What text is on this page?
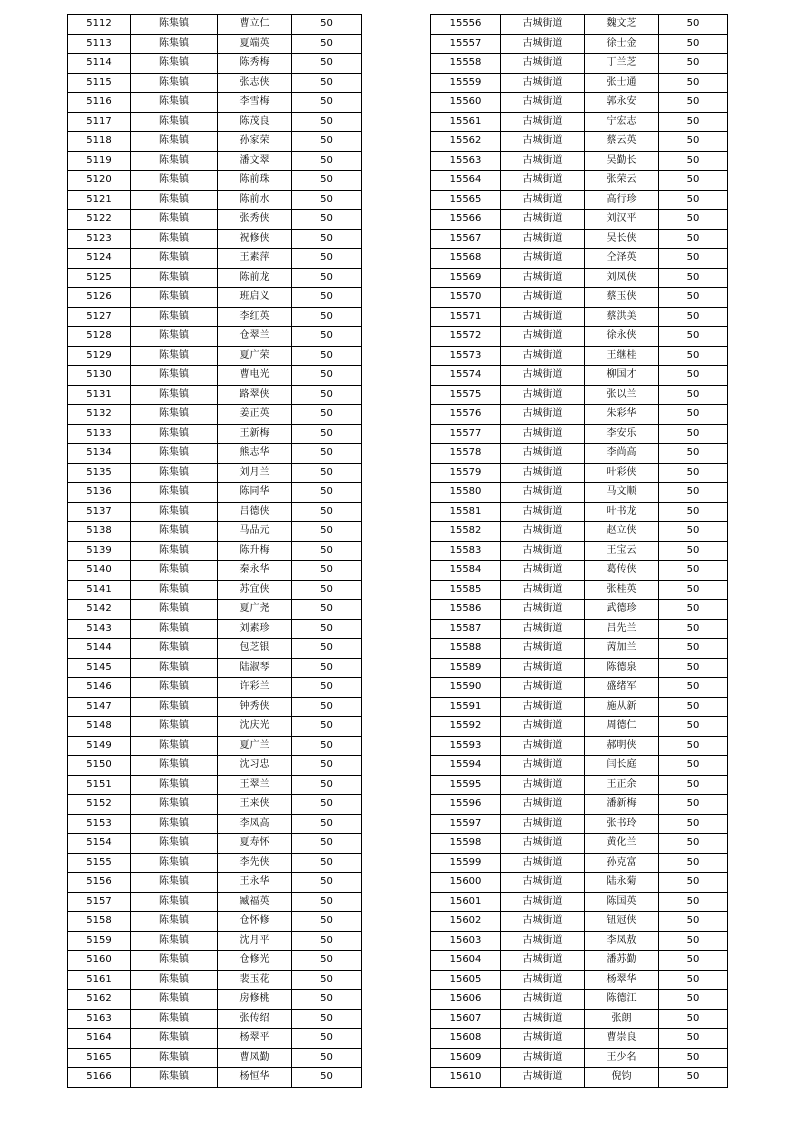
5112	陈集镇	曹立仁	50
5113	陈集镇	夏端英	50
5114	陈集镇	陈秀梅	50
5115	陈集镇	张志侠	50
5116	陈集镇	李雪梅	50
5117	陈集镇	陈茂良	50
5118	陈集镇	孙家荣	50
5119	陈集镇	潘文翠	50
5120	陈集镇	陈前珠	50
5121	陈集镇	陈前水	50
5122	陈集镇	张秀侠	50
5123	陈集镇	祝修侠	50
5124	陈集镇	王素萍	50
5125	陈集镇	陈前龙	50
5126	陈集镇	班启义	50
5127	陈集镇	李红英	50
5128	陈集镇	仓翠兰	50
5129	陈集镇	夏广荣	50
5130	陈集镇	曹电光	50
5131	陈集镇	路翠侠	50
5132	陈集镇	姜正英	50
5133	陈集镇	王新梅	50
5134	陈集镇	熊志华	50
5135	陈集镇	刘月兰	50
5136	陈集镇	陈同华	50
5137	陈集镇	吕德侠	50
5138	陈集镇	马品元	50
5139	陈集镇	陈升梅	50
5140	陈集镇	秦永华	50
5141	陈集镇	苏宜侠	50
5142	陈集镇	夏广尧	50
5143	陈集镇	刘素珍	50
5144	陈集镇	包芝银	50
5145	陈集镇	陆淑琴	50
5146	陈集镇	许彩兰	50
5147	陈集镇	钟秀侠	50
5148	陈集镇	沈庆光	50
5149	陈集镇	夏广兰	50
5150	陈集镇	沈习忠	50
5151	陈集镇	王翠兰	50
5152	陈集镇	王来侠	50
5153	陈集镇	李凤高	50
5154	陈集镇	夏寿怀	50
5155	陈集镇	李先侠	50
5156	陈集镇	王永华	50
5157	陈集镇	臧福英	50
5158	陈集镇	仓怀修	50
5159	陈集镇	沈月平	50
5160	陈集镇	仓修光	50
5161	陈集镇	裴玉花	50
5162	陈集镇	房修桃	50
5163	陈集镇	张传绍	50
5164	陈集镇	杨翠平	50
5165	陈集镇	曹凤勤	50
5166	陈集镇	杨恒华	50
15556	古城街道	魏文芝	50
15557	古城街道	徐士金	50
15558	古城街道	丁兰芝	50
15559	古城街道	张士通	50
15560	古城街道	郭永安	50
15561	古城街道	宁宏志	50
15562	古城街道	蔡云英	50
15563	古城街道	吴勤长	50
15564	古城街道	张荣云	50
15565	古城街道	高行珍	50
15566	古城街道	刘汉平	50
15567	古城街道	吴长侠	50
15568	古城街道	仝泽英	50
15569	古城街道	刘凤侠	50
15570	古城街道	蔡玉侠	50
15571	古城街道	蔡洪美	50
15572	古城街道	徐永侠	50
15573	古城街道	王继桂	50
15574	古城街道	柳国才	50
15575	古城街道	张以兰	50
15576	古城街道	朱彩华	50
15577	古城街道	李安乐	50
15578	古城街道	李尚高	50
15579	古城街道	叶彩侠	50
15580	古城街道	马文顺	50
15581	古城街道	叶书龙	50
15582	古城街道	赵立侠	50
15583	古城街道	王宝云	50
15584	古城街道	葛传侠	50
15585	古城街道	张桂英	50
15586	古城街道	武德珍	50
15587	古城街道	吕先兰	50
15588	古城街道	苪加兰	50
15589	古城街道	陈德泉	50
15590	古城街道	盛绪军	50
15591	古城街道	施从新	50
15592	古城街道	周德仁	50
15593	古城街道	郝明侠	50
15594	古城街道	闫长庭	50
15595	古城街道	王正余	50
15596	古城街道	潘新梅	50
15597	古城街道	张书玲	50
15598	古城街道	黄化兰	50
15599	古城街道	孙克富	50
15600	古城街道	陆永菊	50
15601	古城街道	陈国英	50
15602	古城街道	钮冠侠	50
15603	古城街道	李凤敖	50
15604	古城街道	潘苏勤	50
15605	古城街道	杨翠华	50
15606	古城街道	陈德江	50
15607	古城街道	张朗	50
15608	古城街道	曹崇良	50
15609	古城街道	王少名	50
15610	古城街道	倪钧	50
